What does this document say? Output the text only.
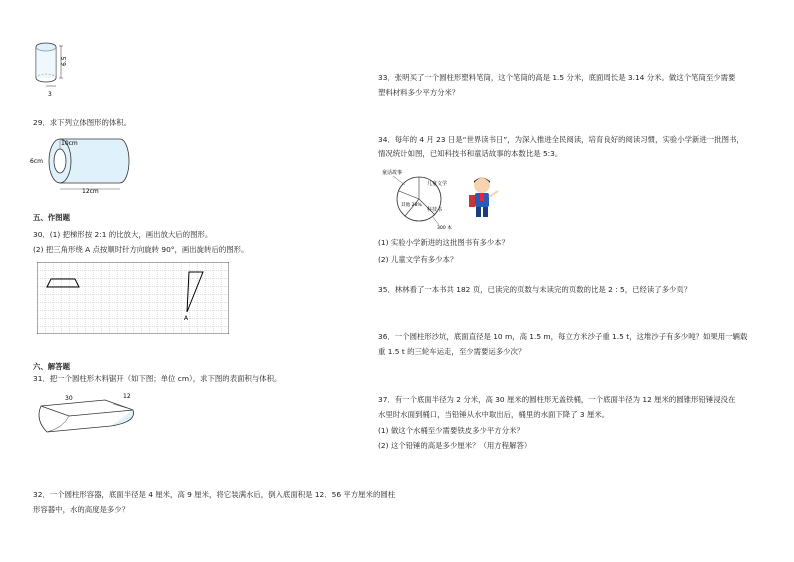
6.5
3
29．求下列立体图形的体积。
10cm
6cm
12cm
五、作图题
30．(1) 把梯形按 2:1 的比放大，画出放大后的图形。
(2) 把三角形绕 A 点按顺时针方向旋转 90°，画出旋转后的图形。
A
六、解答题
31．把一个圆柱形木料锯开（如下图；单位 cm），求下图的表面积与体积。
30	12
32．一个圆柱形容器，底面半径是 4 厘米，高 9 厘米，将它装满水后，倒入底面积是 12．56 平方厘米的圆柱
形容器中，水的高度是多少？
33．张明买了一个圆柱形塑料笔筒，这个笔筒的高是 1.5 分米，底面周长是 3.14 分米。做这个笔筒至少需要
塑料材料多少平方分米？
34．每年的 4 月 23 日是“世界读书日”，为深入推进全民阅读，培育良好的阅读习惯，实验小学新进一批图书，
情况统计如图，已知科技书和童话故事的本数比是 5:3。
童话故事
儿童文学
其他 28%
科技书
300 本
(1) 实验小学新进的这批图书有多少本？
(2) 儿童文学有多少本？
35．林林看了一本书共 182 页，已读完的页数与未读完的页数的比是 2 : 5，已经读了多少页？
36．一个圆柱形沙坑，底面直径是 10 m，高 1.5 m，每立方米沙子重 1.5 t，这堆沙子有多少吨？如果用一辆载
重 1.5 t 的三轮车运走，至少需要运多少次？
37．有一个底面半径为 2 分米，高 30 厘米的圆柱形无盖铁桶，一个底面半径为 12 厘米的圆锥形铅锤浸没在
水里时水面到桶口，当铅锤从水中取出后，桶里的水面下降了 3 厘米。
(1) 做这个水桶至少需要铁皮多少平方分米？
(2) 这个铅锤的高是多少厘米？（用方程解答）
